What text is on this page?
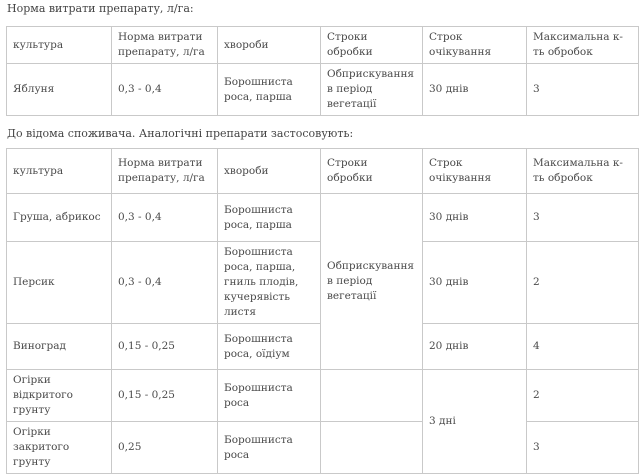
Норма витрати препарату, л/га:
культура	Норма витрати препарату, л/га	хвороби	Строки обробки	Строк очікування	Максимальна к-ть обробок
Яблуня	0,3 - 0,4	Борошниста роса, парша	Обприскування в період вегетації	30 днів	3
До відома споживача. Аналогічні препарати застосовують:
культура	Норма витрати препарату, л/га	хвороби	Строки обробки	Строк очікування	Максимальна к-ть обробок
Груша, абрикос	0,3 - 0,4	Борошниста роса, парша	Обприскування в період вегетації	30 днів	3
Персик	0,3 - 0,4	Борошниста роса, парша, гниль плодів, кучерявість листя		30 днів	2
Виноград	0,15 - 0,25	Борошниста роса, оїдіум		20 днів	4
Огірки відкритого грунту	0,15 - 0,25	Борошниста роса		3 дні	2
Огірки закритого грунту	0,25	Борошниста роса			3
